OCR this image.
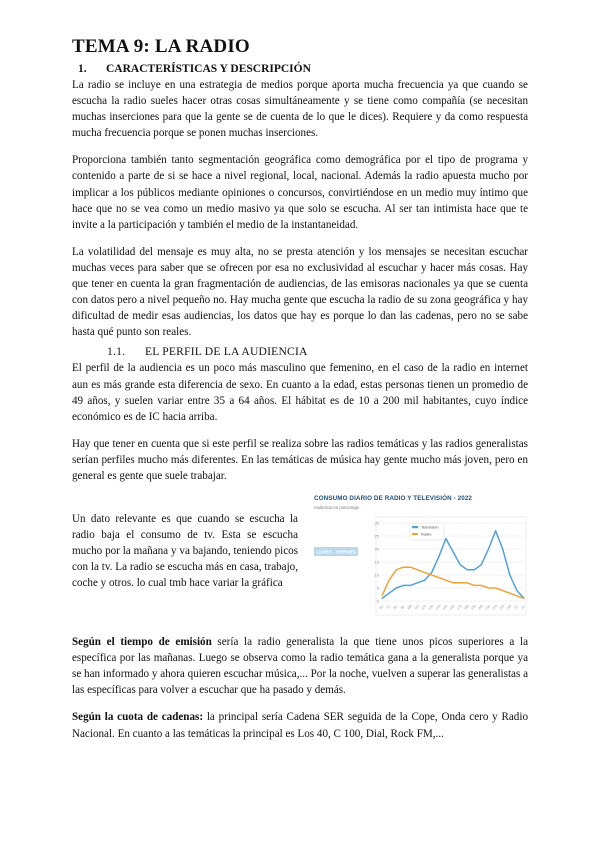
TEMA 9: LA RADIO
1. CARACTERÍSTICAS Y DESCRIPCIÓN

La radio se incluye en una estrategia de medios porque aporta mucha frecuencia ya que cuando se escucha la radio sueles hacer otras cosas simultáneamente y se tiene como compañía (se necesitan muchas inserciones para que la gente se de cuenta de lo que le dices). Requiere y da como respuesta mucha frecuencia porque se ponen muchas inserciones.

Proporciona también tanto segmentación geográfica como demográfica por el tipo de programa y contenido a parte de si se hace a nivel regional, local, nacional. Además la radio apuesta mucho por implicar a los públicos mediante opiniones o concursos, convirtiéndose en un medio muy íntimo que hace que no se vea como un medio masivo ya que solo se escucha. Al ser tan intimista hace que te invite a la participación y también el medio de la instantaneidad.

La volatilidad del mensaje es muy alta, no se presta atención y los mensajes se necesitan escuchar muchas veces para saber que se ofrecen por esa no exclusividad al escuchar y hacer más cosas. Hay que tener en cuenta la gran fragmentación de audiencias, de las emisoras nacionales ya que se cuenta con datos pero a nivel pequeño no. Hay mucha gente que escucha la radio de su zona geográfica y hay dificultad de medir esas audiencias, los datos que hay es porque lo dan las cadenas, pero no se sabe hasta qué punto son reales.

1.1. EL PERFIL DE LA AUDIENCIA

El perfil de la audiencia es un poco más masculino que femenino, en el caso de la radio en internet aun es más grande esta diferencia de sexo. En cuanto a la edad, estas personas tienen un promedio de 49 años, y suelen variar entre 35 a 64 años. El hábitat es de 10 a 200 mil habitantes, cuyo índice económico es de IC hacia arriba.

Hay que tener en cuenta que si este perfil se realiza sobre las radios temáticas y las radios generalistas serían perfiles mucho más diferentes. En las temáticas de música hay gente mucho más joven, pero en general es gente que suele trabajar.

Un dato relevante es que cuando se escucha la radio baja el consumo de tv. Esta se escucha mucho por la mañana y va bajando, teniendo picos con la tv. La radio se escucha más en casa, trabajo, coche y otros. lo cual tmb hace variar la gráfica
LUNES - VIERNES
30
25
20
15
10
5
0
6h 7h 8h 9h 10h 11h 12h 13h 14h 15h 16h 17h 18h 19h 20h 21h 22h 23h 24h 1h 2h
Televisión
Radio
CONSUMO DIARIO DE RADIO Y TELEVISIÓN - 2022
Audiencia en porcentaje

Según el tiempo de emisión sería la radio generalista la que tiene unos picos superiores a la específica por las mañanas. Luego se observa como la radio temática gana a la generalista porque ya se han informado y ahora quieren escuchar música,... Por la noche, vuelven a superar las generalistas a las específicas para volver a escuchar que ha pasado y demás.

Según la cuota de cadenas: la principal sería Cadena SER seguida de la Cope, Onda cero y Radio Nacional. En cuanto a las temáticas la principal es Los 40, C 100, Dial, Rock FM,...
